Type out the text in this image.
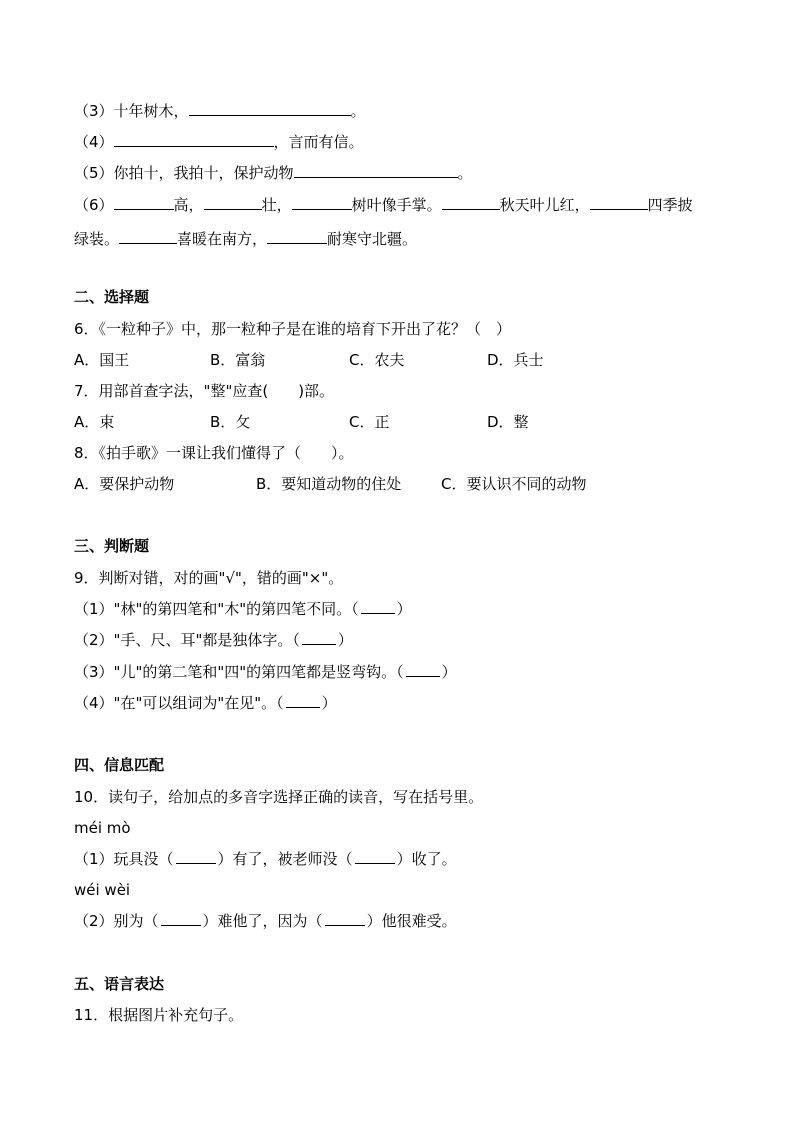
（3）十年树木，	。
（4）	，言而有信。
（5）你拍十，我拍十，保护动物	。
（6）	高，	壮，	树叶像手掌。	秋天叶儿红，	四季披
绿装。	喜暖在南方，	耐寒守北疆。
二、选择题
6．《一粒种子》中，那一粒种子是在谁的培育下开出了花？（　）
A．国王	B．富翁	C．农夫	D．兵士
7．用部首查字法，"整"应查(　　)部。
A．束	B．攵	C．正	D．整
8．《拍手歌》一课让我们懂得了（　　）。
A．要保护动物	B．要知道动物的住处	C．要认识不同的动物
三、判断题
9．判断对错，对的画"√"，错的画"×"。
（1）"林"的第四笔和"木"的第四笔不同。（	）
（2）"手、尺、耳"都是独体字。（	）
（3）"儿"的第二笔和"四"的第四笔都是竖弯钩。（	）
（4）"在"可以组词为"在见"。（	）
四、信息匹配
10．读句子，给加点的多音字选择正确的读音，写在括号里。
méi mò
（1）玩具没（	）有了，被老师没（	）收了。
wéi wèi
（2）别为（	）难他了，因为（	）他很难受。
五、语言表达
11．根据图片补充句子。
